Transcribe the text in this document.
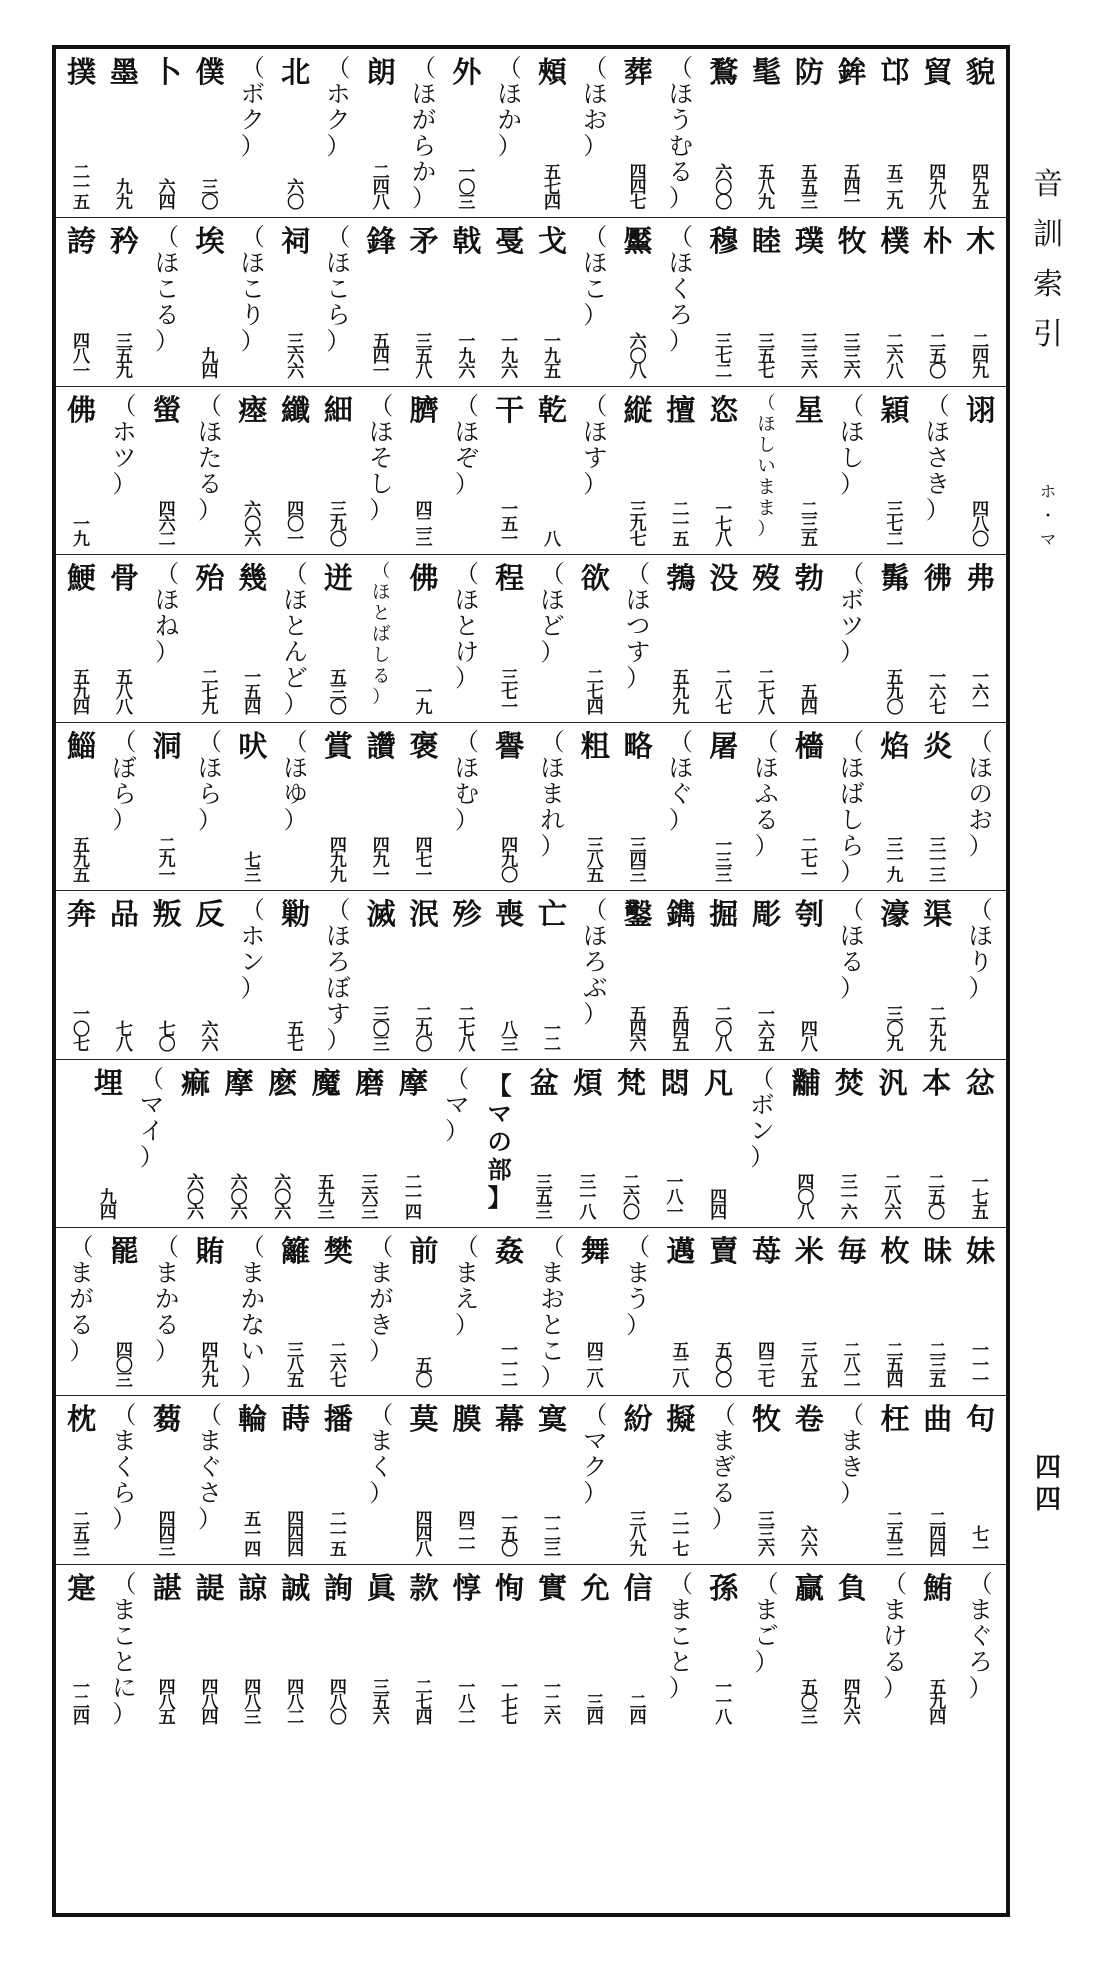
貌
四
九
五
貿
四
九
八
邙
五
二
九
鉾
五
四
一
防
五
五
三
髦
五
八
九
鶩
六
〇
〇
（
ほ
う
む
る
）
葬
四
四
七
（
ほ
お
）
頰
五
七
四
（
ほ
か
）
外
一
〇
三
（
ほ
が
ら
か
）
朗
二
四
八
（
ホ
ク
）
北
六
〇
（
ボ
ク
）
僕
三
〇
卜
六
四
墨
九
九
撲
二
一
五
木
二
四
九
朴
二
五
〇
樸
二
六
八
牧
三
三
六
璞
三
三
六
睦
三
五
七
穆
三
七
二
（
ほ
く
ろ
）
黶
六
〇
八
（
ほ
こ
）
戈
一
九
五
戞
一
九
六
戟
一
九
六
矛
三
五
八
鋒
五
四
一
（
ほ
こ
ら
）
祠
三
六
六
（
ほ
こ
り
）
埃
九
四
（
ほ
こ
る
）
矜
三
五
九
誇
四
八
一
诩
四
八
〇
（
ほ
さ
き
）
穎
三
七
二
（
ほ
し
）
星
二
三
五
（
ほ
し
い
ま
ま
）
恣
一
七
八
擅
二
一
五
縦
三
九
七
（
ほ
す
）
乾
八
干
一
五
一
（
ほ
ぞ
）
臍
四
二
三
（
ほ
そ
し
）
細
三
九
〇
纖
四
〇
一
瘞
六
〇
六
（
ほ
た
る
）
螢
四
六
二
（
ホ
ツ
）
佛
一
九
弗
一
六
一
彿
一
六
七
髴
五
九
〇
（
ボ
ツ
）
勃
五
四
歿
二
七
八
没
二
八
七
鵓
五
九
九
（
ほ
つ
す
）
欲
二
七
四
（
ほ
ど
）
程
三
七
一
（
ほ
と
け
）
佛
一
九
（
ほ
と
ば
し
る
）
迸
五
三
〇
（
ほ
と
ん
ど
）
幾
一
五
四
殆
二
七
九
（
ほ
ね
）
骨
五
八
八
鯁
五
九
四
（
ほ
の
お
）
炎
三
一
三
焰
三
一
九
（
ほ
ば
し
ら
）
檣
二
七
一
（
ほ
ふ
る
）
屠
一
三
三
（
ほ
ぐ
）
略
三
四
三
粗
三
八
五
（
ほ
ま
れ
）
譽
四
九
〇
（
ほ
む
）
褒
四
七
一
讚
四
九
一
賞
四
九
九
（
ほ
ゆ
）
吠
七
三
（
ほ
ら
）
洞
二
九
一
（
ぼ
ら
）
鯔
五
九
五
（
ほ
り
）
渠
二
九
九
濠
三
〇
九
（
ほ
る
）
刳
四
八
彫
一
六
五
掘
二
〇
八
鐫
五
四
五
鑿
五
四
六
（
ほ
ろ
ぶ
）
亡
一
二
喪
八
三
殄
二
七
八
泯
二
九
〇
滅
三
〇
三
（
ほ
ろ
ぼ
す
）
勦
五
七
（
ホ
ン
）
反
六
六
叛
七
〇
品
七
八
奔
一
〇
七
忿
一
七
五
本
二
五
〇
汎
二
八
六
焚
三
一
六
黼
四
〇
八
（
ボ
ン
）
凡
四
四
悶
一
八
一
梵
二
六
〇
煩
三
一
八
盆
三
五
三
【
マ
の
部
】
（
マ
）
摩
二
一
四
磨
三
六
三
魔
五
九
三
麽
六
〇
六
摩
六
〇
六
痲
六
〇
六
（
マ
イ
）
埋
九
四
妹
一
一
一
昧
二
三
五
枚
二
五
四
毎
二
八
二
米
三
八
五
苺
四
三
七
賣
五
〇
〇
邁
五
二
八
（
ま
う
）
舞
四
二
八
（
ま
お
と
こ
）
姦
一
一
二
（
ま
え
）
前
五
〇
（
ま
が
き
）
樊
二
六
七
籬
三
八
五
（
ま
か
な
い
）
賄
四
九
九
（
ま
か
る
）
罷
四
〇
三
（
ま
が
る
）
句
七
一
曲
二
四
四
枉
二
五
三
（
ま
き
）
卷
六
六
牧
三
三
六
（
ま
ぎ
る
）
擬
二
一
七
紛
三
八
九
（
マ
ク
）
寞
一
二
三
幕
一
五
〇
膜
四
二
一
莫
四
四
八
（
ま
く
）
播
二
一
五
蒔
四
四
四
輪
五
一
四
（
ま
ぐ
さ
）
蒭
四
四
三
（
ま
く
ら
）
枕
二
五
三
（
ま
ぐ
ろ
）
鮪
五
九
四
（
ま
け
る
）
負
四
九
六
贏
五
〇
三
（
ま
ご
）
孫
一
一
八
（
ま
こ
と
）
信
二
四
允
三
四
實
一
二
六
恂
一
七
七
惇
一
八
二
款
二
七
四
眞
三
五
六
詢
四
八
〇
誠
四
八
二
諒
四
八
三
諟
四
八
四
諶
四
八
五
（
ま
こ
と
に
）
寔
一
二
四
音
訓
索
引
ホ
・
マ
四
四
